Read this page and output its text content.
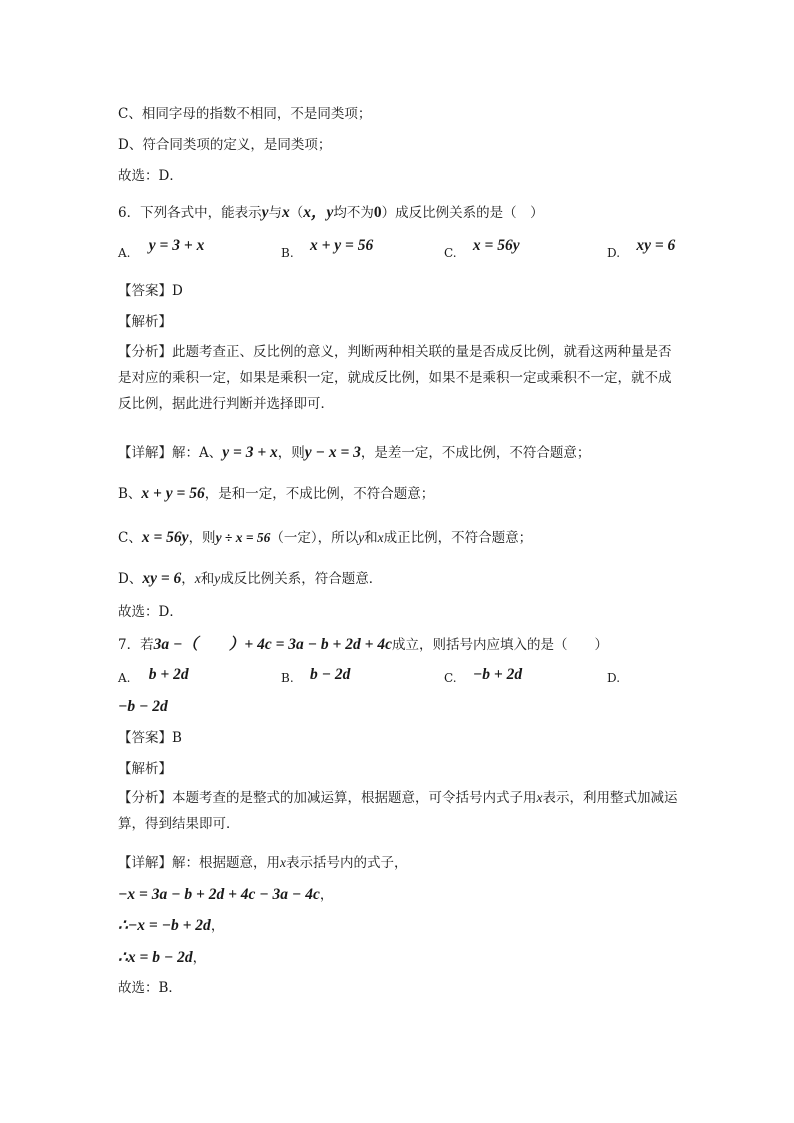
C、相同字母的指数不相同，不是同类项；
D、符合同类项的定义，是同类项；
故选：D．
6．下列各式中，能表示y与x（x，y均不为0）成反比例关系的是（　）
A. y = 3 + x	B. x + y = 56	C. x = 56y	D. xy = 6
【答案】D
【解析】
【分析】此题考查正、反比例的意义，判断两种相关联的量是否成反比例，就看这两种量是否是对应的乘积一定，如果是乘积一定，就成反比例，如果不是乘积一定或乘积不一定，就不成反比例，据此进行判断并选择即可．
【详解】解：A、y = 3 + x，则y − x = 3，是差一定，不成比例，不符合题意；
B、x + y = 56，是和一定，不成比例，不符合题意；
C、x = 56y，则y ÷ x = 56（一定），所以y和x成正比例，不符合题意；
D、xy = 6，x和y成反比例关系，符合题意．
故选：D．
7．若3a −（　　）+ 4c = 3a − b + 2d + 4c成立，则括号内应填入的是（　　）
A. b + 2d	B. b − 2d	C. −b + 2d	D.
−b − 2d
【答案】B
【解析】
【分析】本题考查的是整式的加减运算，根据题意，可令括号内式子用x表示，利用整式加减运算，得到结果即可．
【详解】解：根据题意，用x表示括号内的式子，
−x = 3a − b + 2d + 4c − 3a − 4c，
∴−x = −b + 2d，
∴x = b − 2d，
故选：B．
